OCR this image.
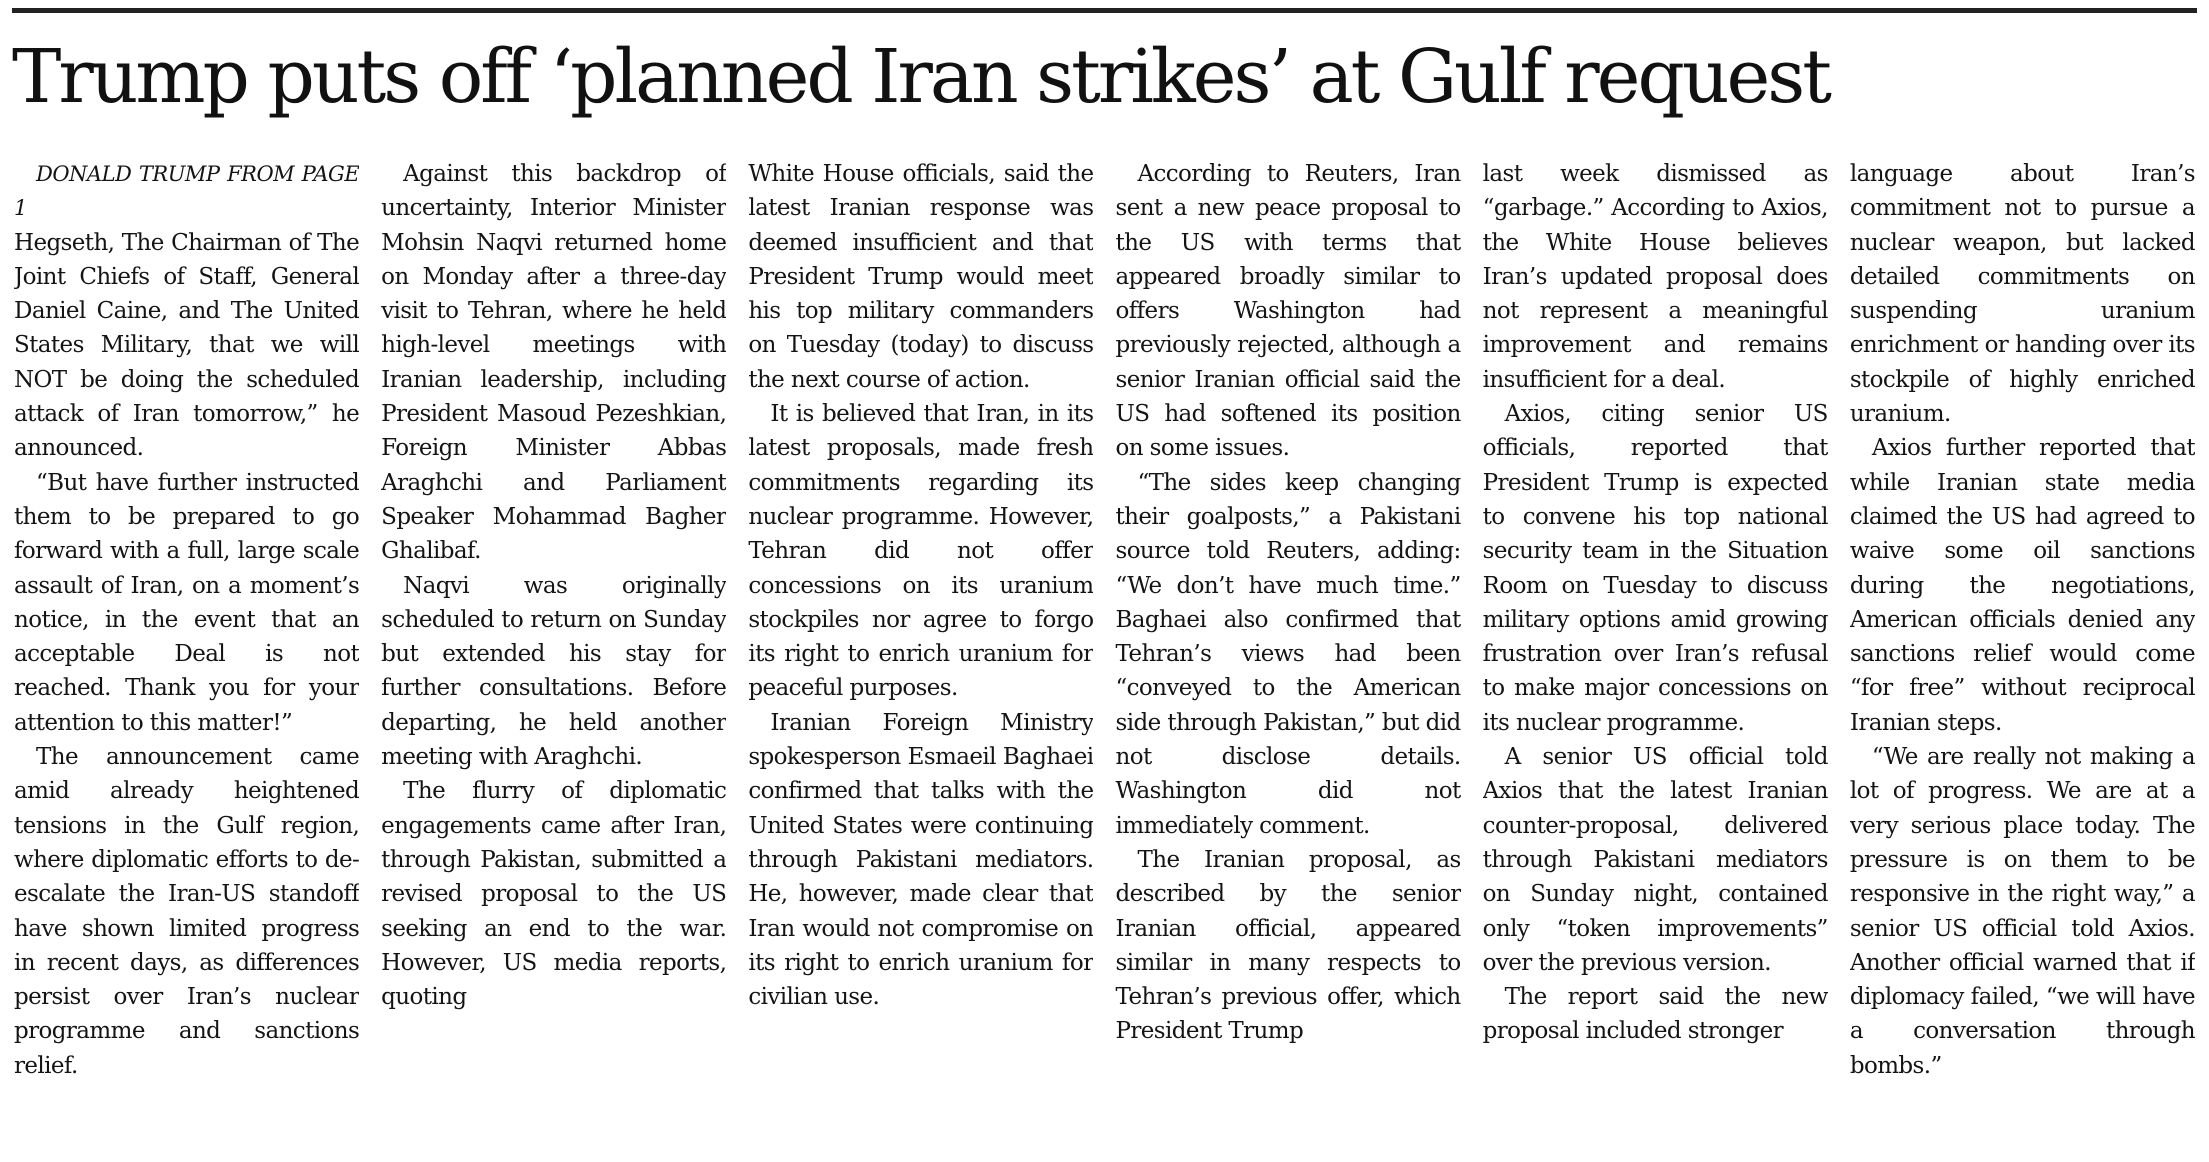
Trump puts off ‘planned Iran strikes’ at Gulf request

DONALD TRUMP FROM PAGE 1

Hegseth, The Chairman of The Joint Chiefs of Staff, General Daniel Caine, and The United States Military, that we will NOT be doing the scheduled attack of Iran tomorrow,” he announced.

“But have further instructed them to be prepared to go forward with a full, large scale assault of Iran, on a moment’s notice, in the event that an acceptable Deal is not reached. Thank you for your attention to this matter!”

The announcement came amid already heightened tensions in the Gulf region, where diplomatic efforts to de-escalate the Iran-US standoff have shown limited progress in recent days, as differences persist over Iran’s nuclear programme and sanctions relief.

Against this backdrop of uncertainty, Interior Minister Mohsin Naqvi returned home on Monday after a three-day visit to Tehran, where he held high-level meetings with Iranian leadership, including President Masoud Pezeshkian, Foreign Minister Abbas Araghchi and Parliament Speaker Mohammad Bagher Ghalibaf.

Naqvi was originally scheduled to return on Sunday but extended his stay for further consultations. Before departing, he held another meeting with Araghchi.

The flurry of diplomatic engagements came after Iran, through Pakistan, submitted a revised proposal to the US seeking an end to the war. However, US media reports, quoting

White House officials, said the latest Iranian response was deemed insufficient and that President Trump would meet his top military commanders on Tuesday (today) to discuss the next course of action.

It is believed that Iran, in its latest proposals, made fresh commitments regarding its nuclear programme. However, Tehran did not offer concessions on its uranium stockpiles nor agree to forgo its right to enrich uranium for peaceful purposes.

Iranian Foreign Ministry spokesperson Esmaeil Baghaei confirmed that talks with the United States were continuing through Pakistani mediators. He, however, made clear that Iran would not compromise on its right to enrich uranium for civilian use.

According to Reuters, Iran sent a new peace proposal to the US with terms that appeared broadly similar to offers Washington had previously rejected, although a senior Iranian official said the US had softened its position on some issues.

“The sides keep changing their goalposts,” a Pakistani source told Reuters, adding: “We don’t have much time.” Baghaei also confirmed that Tehran’s views had been “conveyed to the American side through Pakistan,” but did not disclose details. Washington did not immediately comment.

The Iranian proposal, as described by the senior Iranian official, appeared similar in many respects to Tehran’s previous offer, which President Trump

last week dismissed as “garbage.” According to Axios, the White House believes Iran’s updated proposal does not represent a meaningful improvement and remains insufficient for a deal.

Axios, citing senior US officials, reported that President Trump is expected to convene his top national security team in the Situation Room on Tuesday to discuss military options amid growing frustration over Iran’s refusal to make major concessions on its nuclear programme.

A senior US official told Axios that the latest Iranian counter-proposal, delivered through Pakistani mediators on Sunday night, contained only “token improvements” over the previous version.

The report said the new proposal included stronger

language about Iran’s commitment not to pursue a nuclear weapon, but lacked detailed commitments on suspending uranium enrichment or handing over its stockpile of highly enriched uranium.

Axios further reported that while Iranian state media claimed the US had agreed to waive some oil sanctions during the negotiations, American officials denied any sanctions relief would come “for free” without reciprocal Iranian steps.

“We are really not making a lot of progress. We are at a very serious place today. The pressure is on them to be responsive in the right way,” a senior US official told Axios. Another official warned that if diplomacy failed, “we will have a conversation through bombs.”
